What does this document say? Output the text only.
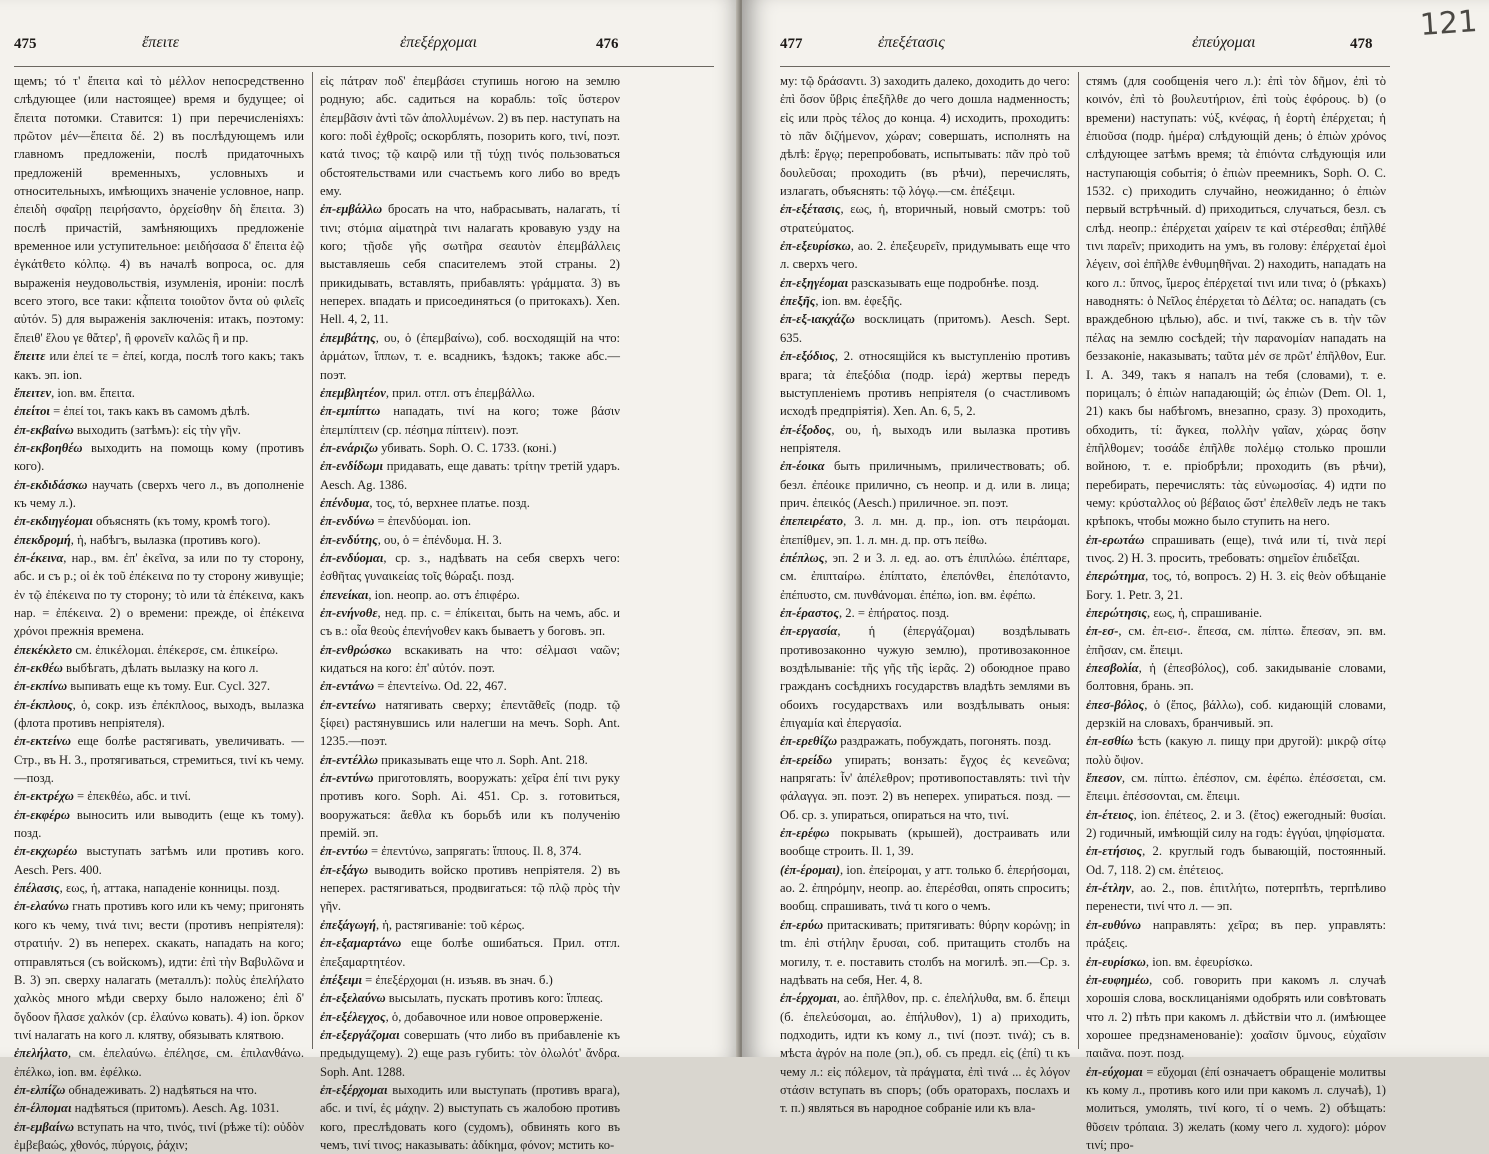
475	ἔπειτε	ἐπεξέρχομαι	476

щемъ; τό τ' ἔπειτα καὶ τὸ μέλλον непосредственно слѣдующее (или настоящее) время и будущее; οἱ ἔπειτα потомки. Ставится: 1) при перечисленіяхъ: πρῶτον μέν—ἔπειτα δέ. 2) въ послѣдующемъ или главномъ предложеніи, послѣ придаточныхъ предложеній временныхъ, условныхъ и относительныхъ, имѣющихъ значеніе условное, напр. ἐπειδὴ σφαῖρῃ πειρήσαντο, ὀρχείσθην δὴ ἔπειτα. 3) послѣ причастій, замѣняющихъ предложеніе временное или уступительное: μειδήσασα δ' ἔπειτα ἑῷ ἐγκάτθετο κόλπῳ. 4) въ началѣ вопроса, ос. для выраженія неудовольствія, изумленія, ироніи: послѣ всего этого, все таки: κᾆπειτα τοιοῦτον ὄντα οὐ φιλεῖς αὐτόν. 5) для выраженія заключенія: итакъ, поэтому: ἔπειθ' ἕλου γε θἄτερ', ἢ φρονεῖν καλῶς ἢ и пр.

ἔπειτε или ἐπεί τε = ἐπεί, когда, послѣ того какъ; такъ какъ. эп. ion.

ἔπειτεν, ion. вм. ἔπειτα.

ἐπείτοι = ἐπεί τοι, такъ какъ въ самомъ дѣлѣ.

ἐπ-εκβαίνω выходить (затѣмъ): εἰς τὴν γῆν.

ἐπ-εκβοηθέω выходить на помощь кому (противъ кого).

ἐπ-εκδιδάσκω научать (сверхъ чего л., въ дополненіе къ чему л.).

ἐπ-εκδιηγέομαι объяснять (къ тому, кромѣ того).

ἐπεκδρομή, ἡ, набѣгъ, вылазка (противъ кого).

ἐπ-έκεινα, нар., вм. ἐπ' ἐκεῖνα, за или по ту сторону, абс. и съ р.; οἱ ἐκ τοῦ ἐπέκεινα по ту сторону живущіе; ἐν τῷ ἐπέκεινα по ту сторону; τὸ или τὰ ἐπέκεινα, какъ нар. = ἐπέκεινα. 2) о времени: прежде, οἱ ἐπέκεινα χρόνοι прежнія времена.

ἐπεκέκλετο см. ἐπικέλομαι. ἐπέκερσε, см. ἐπικείρω.

ἐπ-εκθέω выбѣгать, дѣлать вылазку на кого л.

ἐπ-εκπίνω выпивать еще къ тому. Eur. Cycl. 327.

ἐπ-έκπλους, ὁ, сокр. изъ ἐπέκπλοος, выходъ, вылазка (флота противъ непріятеля).

ἐπ-εκτείνω еще болѣе растягивать, увеличивать. — Стр., въ Н. 3., протягиваться, стремиться, τινί къ чему.—позд.

ἐπ-εκτρέχω = ἐπεκθέω, абс. и τινί.

ἐπ-εκφέρω выносить или выводить (еще къ тому). позд.

ἐπ-εκχωρέω выступать затѣмъ или противъ кого. Aesch. Pers. 400.

ἐπέλασις, εως, ἡ, аттака, нападеніе конницы. позд.

ἐπ-ελαύνω гнать противъ кого или къ чему; пригонять кого къ чему, τινά τινι; вести (противъ непріятеля): στρατιήν. 2) въ неперех. скакать, нападать на кого; отправляться (съ войскомъ), идти: ἐπὶ τὴν Βαβυλῶνα и В. 3) эп. сверху налагать (металлъ): πολὺς ἐπελήλατο χαλκὸς много мѣди сверху было наложено; ἐπὶ δ' ὄγδοον ἤλασε χαλκόν (ср. ἐλαύνω ковать). 4) ion. ὅρκον τινί налагать на кого л. клятву, обязывать клятвою.

ἐπελήλατο, см. ἐπελαύνω. ἐπέλησε, см. ἐπιλανθάνω. ἐπέλκω, ion. вм. ἐφέλκω.

ἐπ-ελπίζω обнадеживать. 2) надѣяться на что.

ἐπ-έλπομαι надѣяться (притомъ). Aesch. Ag. 1031.

ἐπ-εμβαίνω вступать на что, τινός, τινί (рѣже τί): οὐδὸν ἐμβεβαώς, χθονός, πύργοις, ῥάχιν;

εἰς πάτραν ποδ' ἐπεμβάσει ступишь ногою на землю родную; абс. садиться на корабль: τοῖς ὕστερον ἐπεμβᾶσιν ἀντὶ τῶν ἀπολλυμένων. 2) въ пер. наступать на кого: ποδὶ ἐχθροῖς; оскорблять, позорить кого, τινί, поэт. κατά τινος; τῷ καιρῷ или τῇ τύχῃ τινός пользоваться обстоятельствами или счастьемъ кого либо во вредъ ему.

ἐπ-εμβάλλω бросать на что, набрасывать, налагать, τί τινι; στόμια αἱματηρὰ τινι налагать кровавую узду на кого; τῇσδε γῆς σωτῆρα σεαυτὸν ἐπεμβάλλεις выставляешь себя спасителемъ этой страны. 2) прикидывать, вставлять, прибавлять: γράμματα. 3) въ неперех. впадать и присоединяться (о притокахъ). Xen. Hell. 4, 2, 11.

ἐπεμβάτης, ου, ὁ (ἐπεμβαίνω), соб. восходящій на что: ἁρμάτων, ἵππων, т. е. всадникъ, ѣздокъ; также абс.—поэт.

ἐπεμβλητέον, прил. отгл. отъ ἐπεμβάλλω.

ἐπ-εμπίπτω нападать, τινί на кого; тоже βάσιν ἐπεμπίπτειν (ср. πέσημα πίπτειν). поэт.

ἐπ-ενάριζω убивать. Soph. O. C. 1733. (коні.)

ἐπ-ενδίδωμι придавать, еще давать: τρίτην третій ударъ. Aesch. Ag. 1386.

ἐπένδυμα, τος, τό, верхнее платье. позд.

ἐπ-ενδύνω = ἐπενδύομαι. ion.

ἐπ-ενδύτης, ου, ὁ = ἐπένδυμα. Н. 3.

ἐπ-ενδύομαι, ср. з., надѣвать на себя сверхъ чего: ἐσθῆτας γυναικείας τοῖς θώραξι. позд.

ἐπενείκαι, ion. неопр. ao. отъ ἐπιφέρω.

ἐπ-ενήνοθε, нед. пр. с. = ἐπίκειται, быть на чемъ, абс. и съ в.: οἷα θεοὺς ἐπενήνοθεν какъ бываетъ у боговъ. эп.

ἐπ-ενθρώσκω вскакивать на что: σέλμασι ναῶν; кидаться на кого: ἐπ' αὐτόν. поэт.

ἐπ-εντάνω = ἐπεντείνω. Od. 22, 467.

ἐπ-εντείνω натягивать сверху; ἐπεντᾶθεῖς (подр. τῷ ξίφει) растянувшись или налегши на мечъ. Soph. Ant. 1235.—поэт.

ἐπ-εντέλλω приказывать еще что л. Soph. Ant. 218.

ἐπ-εντύνω приготовлять, вооружать: χεῖρα ἐπί τινι руку противъ кого. Soph. Ai. 451. Ср. з. готовиться, вооружаться: ἄεθλα къ борьбѣ или къ полученію премій. эп.

ἐπ-εντύω = ἐπεντύνω, запрягать: ἵππους. Il. 8, 374.

ἐπ-εξάγω выводить войско противъ непріятеля. 2) въ неперех. растягиваться, продвигаться: τῷ πλῷ πρὸς τὴν γῆν.

ἐπεξάγωγή, ἡ, растягиваніе: τοῦ κέρως.

ἐπ-εξαμαρτάνω еще болѣе ошибаться. Прил. отгл. ἐπεξαμαρτητέον.

ἐπέξειμι = ἐπεξέρχομαι (н. изъяв. въ знач. б.)

ἐπ-εξελαύνω высылать, пускать противъ кого: ἵππεας.

ἐπ-εξέλεγχος, ὁ, добавочное или новое опроверженіе.

ἐπ-εξεργάζομαι совершать (что либо въ прибавленіе къ предыдущему). 2) еще разъ губить: τὸν ὀλωλότ' ἄνδρα. Soph. Ant. 1288.

ἐπ-εξέρχομαι выходить или выступать (противъ врага), абс. и τινί, ἐς μάχην. 2) выступать съ жалобою противъ кого, преслѣдовать кого (судомъ), обвинять кого въ чемъ, τινί τινος; наказывать: ἀδίκημα, φόνον; мстить ко-

477	ἐπεξέτασις	ἐπεύχομαι	478
121

му: τῷ δράσαντι. 3) заходить далеко, доходить до чего: ἐπὶ ὅσον ὕβρις ἐπεξῆλθε до чего дошла надменность; εἰς или πρὸς τέλος до конца. 4) исходить, проходить: τὸ πᾶν διζήμενον, χώραν; совершать, исполнять на дѣлѣ: ἔργῳ; перепробовать, испытывать: πᾶν πρὸ τοῦ δουλεῦσαι; проходить (въ рѣчи), перечислять, излагать, объяснять: τῷ λόγῳ.—см. ἐπέξειμι.

ἐπ-εξέτασις, εως, ἡ, вторичный, новый смотръ: τοῦ στρατεύματος.

ἐπ-εξευρίσκω, ao. 2. ἐπεξευρεῖν, придумывать еще что л. сверхъ чего.

ἐπ-εξηγέομαι разсказывать еще подробнѣе. позд.

ἐπεξῆς, ion. вм. ἐφεξῆς.

ἐπ-εξ-ιακχάζω восклицать (притомъ). Aesch. Sept. 635.

ἐπ-εξόδιος, 2. относящійся къ выступленію противъ врага; τὰ ἐπεξόδια (подр. ἱερά) жертвы передъ выступленіемъ противъ непріятеля (о счастливомъ исходѣ предпріятія). Xen. An. 6, 5, 2.

ἐπ-έξοδος, ου, ἡ, выходъ или вылазка противъ непріятеля.

ἐπ-έοικα быть приличнымъ, приличествовать; об. безл. ἐπέοικε прилично, съ неопр. и д. или в. лица; прич. ἐπεικός (Aesch.) приличное. эп. поэт.

ἐπεπειρέατο, 3. л. мн. д. пр., ion. отъ πειράομαι. ἐπεπίθμεν, эп. 1. л. мн. д. пр. отъ πείθω.

ἐπέπλως, эп. 2 и 3. л. ед. ao. отъ ἐπιπλώω. ἐπέπταρε, см. ἐπιπταίρω. ἐπίπτατο, ἐπεπόνθει, ἐπεπόταντο, ἐπέπυστο, см. πυνθάνομαι. ἐπέπω, ion. вм. ἐφέπω.

ἐπ-έραστος, 2. = ἐπήρατος. позд.

ἐπ-εργασία, ἡ (ἐπεργάζομαι) воздѣлывать противозаконно чужую землю), противозаконное воздѣлываніе: τῆς γῆς τῆς ἱερᾶς. 2) обоюдное право гражданъ сосѣднихъ государствъ владѣть землями въ обоихъ государствахъ или воздѣлывать оныя: ἐπιγαμία καὶ ἐπεργασία.

ἐπ-ερεθίζω раздражать, побуждать, погонять. позд.

ἐπ-ερείδω упирать; вонзать: ἔγχος ἐς κενεῶνα; напрягать: ἶν' ἀπέλεθρον; противопоставлять: τινὶ τὴν φάλαγγα. эп. поэт. 2) въ неперех. упираться. позд. — Об. ср. з. упираться, опираться на что, τινί.

ἐπ-ερέφω покрывать (крышей), достраивать или вообще строить. Il. 1, 39.

(ἐπ-έρομαι), ion. ἐπείρομαι, у атт. только б. ἐπερήσομαι, ao. 2. ἐπηρόμην, неопр. ao. ἐπερέσθαι, опять спросить; вообщ. спрашивать, τινά τι кого о чемъ.

ἐπ-ερύω притаскивать; притягивать: θύρην κορώνῃ; in tm. ἐπὶ στήλην ἔρυσαι, соб. притащить столбъ на могилу, т. е. поставить столбъ на могилѣ. эп.—Ср. з. надѣвать на себя, Her. 4, 8.

ἐπ-έρχομαι, ao. ἐπῆλθον, пр. с. ἐπελήλυθα, вм. б. ἔπειμι (б. ἐπελεύσομαι, ao. ἐπήλυθον), 1) а) приходить, подходить, идти къ кому л., τινί (поэт. τινά); съ в. мѣста ἀγρόν на поле (эп.), об. съ предл. εἰς (ἐπί) τι къ чему л.: εἰς πόλεμον, τὰ πράγματα, ἐπὶ τινά ... ἐς λόγον στάσιν вступать въ споръ; (объ ораторахъ, послахъ и т. п.) являться въ народное собраніе или къ вла-

стямъ (для сообщенія чего л.): ἐπὶ τὸν δῆμον, ἐπὶ τὸ κοινόν, ἐπὶ τὸ βουλευτήριον, ἐπὶ τοὺς ἐφόρους. b) (о времени) наступать: νύξ, κνέφας, ἡ ἑορτὴ ἐπέρχεται; ἡ ἐπιοῦσα (подр. ἡμέρα) слѣдующій день; ὁ ἐπιὼν χρόνος слѣдующее затѣмъ время; τὰ ἐπιόντα слѣдующія или наступающія событія; ὁ ἐπιὼν преемникъ, Soph. O. C. 1532. c) приходить случайно, неожиданно; ὁ ἐπιὼν первый встрѣчный. d) приходиться, случаться, безл. съ слѣд. неопр.: ἐπέρχεται χαίρειν τε καὶ στέρεσθαι; ἐπῆλθέ τινι παρεῖν; приходить на умъ, въ голову: ἐπέρχεταί ἐμοὶ λέγειν, σοὶ ἐπῆλθε ἐνθυμηθῆναι. 2) находить, нападать на кого л.: ὕπνος, ἵμερος ἐπέρχεταί τινι или τινα; ὁ (рѣкахъ) наводнять: ὁ Νεῖλος ἐπέρχεται τὸ Δέλτα; ос. нападать (съ враждебною цѣлью), абс. и τινί, также съ в. τὴν τῶν πέλας на землю сосѣдей; τὴν παρανομίαν нападать на беззаконіе, наказывать; ταῦτα μέν σε πρῶτ' ἐπῆλθον, Eur. I. A. 349, такъ я напалъ на тебя (словами), т. е. порицалъ; ὁ ἐπιὼν нападающій; ὡς ἐπιὼν (Dem. Ol. 1, 21) какъ бы набѣгомъ, внезапно, сразу. 3) проходить, обходить, τί: ἄγκεα, πολλὴν γαῖαν, χώρας ὅσην ἐπῆλθομεν; τοσάδε ἐπῆλθε πολέμῳ столько прошли войною, т. е. пріобрѣли; проходить (въ рѣчи), перебирать, перечислять: τὰς εὐνωμοσίας. 4) идти по чему: κρύσταλλος οὐ βέβαιος ὥστ' ἐπελθεῖν ледъ не такъ крѣпокъ, чтобы можно было ступить на него.

ἐπ-ερωτάω спрашивать (еще), τινά или τί, τινὰ περί τινος. 2) Н. 3. просить, требовать: σημεῖον ἐπιδεῖξαι.

ἐπερώτημα, τος, τό, вопросъ. 2) Н. 3. εἰς θεὸν обѣщаніе Богу. 1. Petr. 3, 21.

ἐπερώτησις, εως, ἡ, спрашиваніе.

ἐπ-εσ-, см. ἐπ-εισ-. ἔπεσα, см. πίπτω. ἔπεσαν, эп. вм. ἐπῆσαν, см. ἔπειμι.

ἐπεσβολία, ἡ (ἐπεσβόλος), соб. закидываніе словами, болтовня, брань. эп.

ἐπεσ-βόλος, ὁ (ἔπος, βάλλω), соб. кидающій словами, дерзкій на словахъ, бранчивый. эп.

ἐπ-εσθίω ѣсть (какую л. пищу при другой): μικρῷ σίτῳ πολὺ ὄψον.

ἔπεσον, см. πίπτω. ἐπέσπον, см. ἐφέπω. ἐπέσσεται, см. ἔπειμι. ἐπέσσονται, см. ἔπειμι.

ἐπ-έτειος, ion. ἐπέτεος, 2. и 3. (ἔτος) ежегодный: θυσίαι. 2) годичный, имѣющій силу на годъ: ἐγγύαι, ψηφίσματα.

ἐπ-ετήσιος, 2. круглый годъ бывающій, постоянный. Od. 7, 118. 2) см. ἐπέτειος.

ἐπ-έτλην, ao. 2., пов. ἐπιτλήτω, потерпѣть, терпѣливо перенести, τινί что л. — эп.

ἐπ-ευθύνω направлять: χεῖρα; въ пер. управлять: πράξεις.

ἐπ-ευρίσκω, ion. вм. ἐφευρίσκω.

ἐπ-ευφημέω, соб. говорить при какомъ л. случаѣ хорошія слова, восклицаніями одобрять или совѣтовать что л. 2) пѣть при какомъ л. дѣйствіи что л. (имѣющее хорошее предзнаменованіе): χοαῖσιν ὕμνους, εὐχαῖσιν παιᾶνα. поэт. позд.

ἐπ-εύχομαι = εὔχομαι (ἐπί означаетъ обращеніе молитвы къ кому л., противъ кого или при какомъ л. случаѣ), 1) молиться, умолять, τινί кого, τί о чемъ. 2) обѣщать: θῦσειν τρόπαια. 3) желать (кому чего л. худого): μόρον τινί; про-
